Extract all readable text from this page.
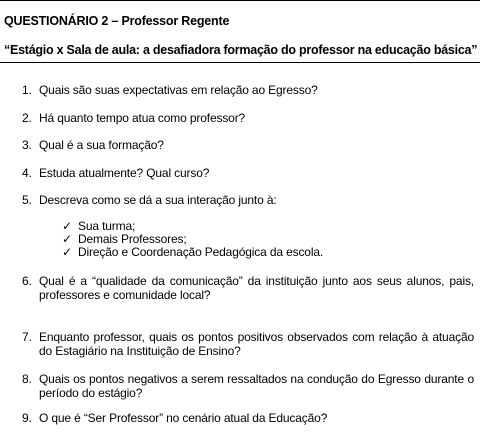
QUESTIONÁRIO 2 – Professor Regente
“Estágio x Sala de aula: a desafiadora formação do professor na educação básica”
1. Quais são suas expectativas em relação ao Egresso?
2. Há quanto tempo atua como professor?
3. Qual é a sua formação?
4. Estuda atualmente? Qual curso?
5. Descreva como se dá a sua interação junto à:
✓ Sua turma;
✓ Demais Professores;
✓ Direção e Coordenação Pedagógica da escola.
6. Qual é a “qualidade da comunicação” da instituição junto aos seus alunos, pais, professores e comunidade local?
7. Enquanto professor, quais os pontos positivos observados com relação à atuação do Estagiário na Instituição de Ensino?
8. Quais os pontos negativos a serem ressaltados na condução do Egresso durante o período do estágio?
9. O que é “Ser Professor” no cenário atual da Educação?
